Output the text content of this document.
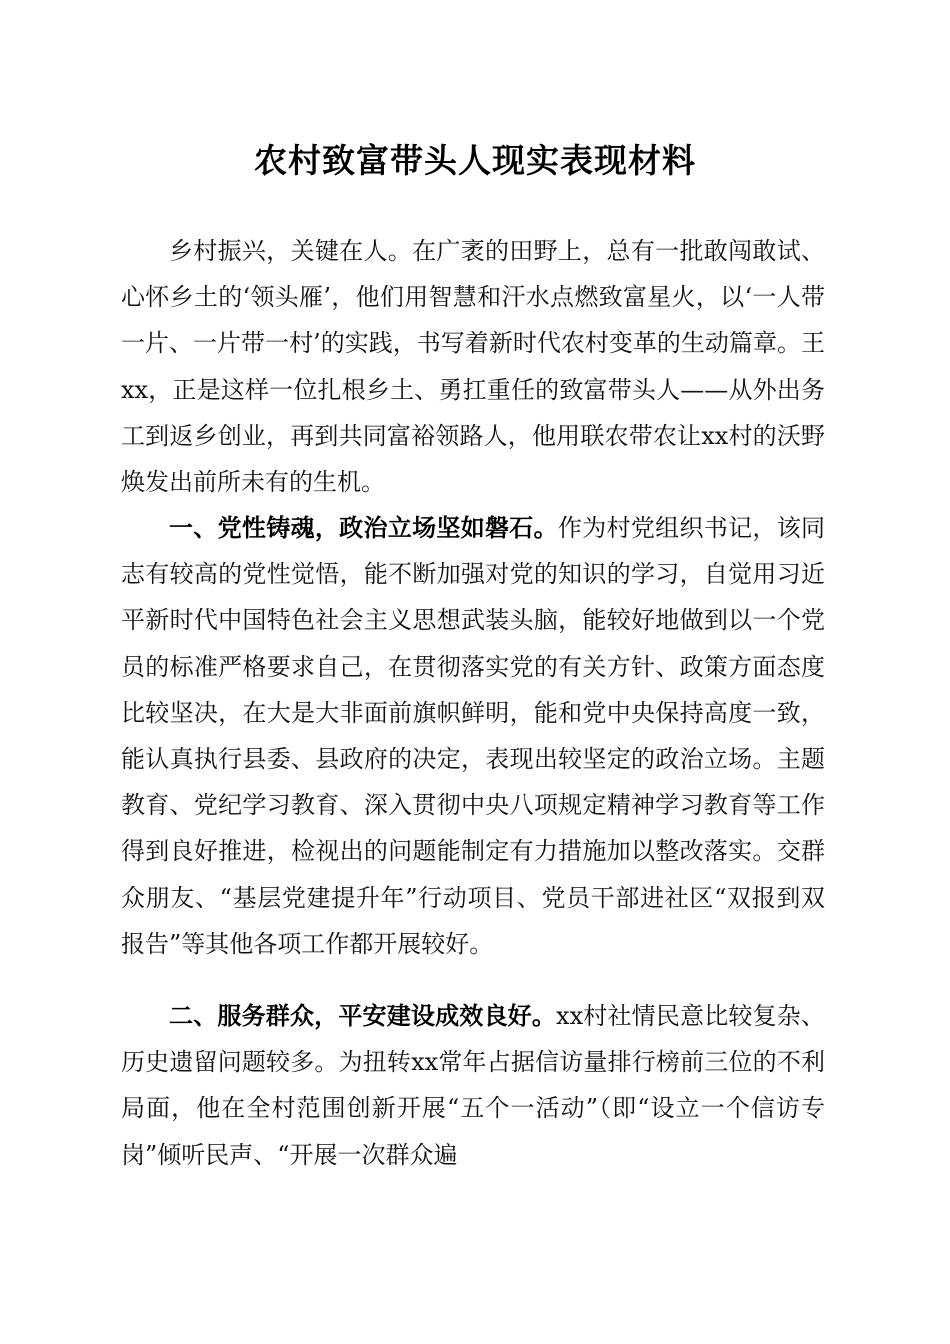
农村致富带头人现实表现材料

乡村振兴，关键在人。在广袤的田野上，总有一批敢闯敢试、心怀乡土的‘领头雁’，他们用智慧和汗水点燃致富星火，以‘一人带一片、一片带一村’的实践，书写着新时代农村变革的生动篇章。王xx，正是这样一位扎根乡土、勇扛重任的致富带头人——从外出务工到返乡创业，再到共同富裕领路人，他用联农带农让xx村的沃野焕发出前所未有的生机。

一、党性铸魂，政治立场坚如磐石。作为村党组织书记，该同志有较高的党性觉悟，能不断加强对党的知识的学习，自觉用习近平新时代中国特色社会主义思想武装头脑，能较好地做到以一个党员的标准严格要求自己，在贯彻落实党的有关方针、政策方面态度比较坚决，在大是大非面前旗帜鲜明，能和党中央保持高度一致，能认真执行县委、县政府的决定，表现出较坚定的政治立场。主题教育、党纪学习教育、深入贯彻中央八项规定精神学习教育等工作得到良好推进，检视出的问题能制定有力措施加以整改落实。交群众朋友、“基层党建提升年”行动项目、党员干部进社区“双报到双报告”等其他各项工作都开展较好。

二、服务群众，平安建设成效良好。xx村社情民意比较复杂、历史遗留问题较多。为扭转xx常年占据信访量排行榜前三位的不利局面，他在全村范围创新开展“五个一活动”（即“设立一个信访专岗”倾听民声、“开展一次群众遍
